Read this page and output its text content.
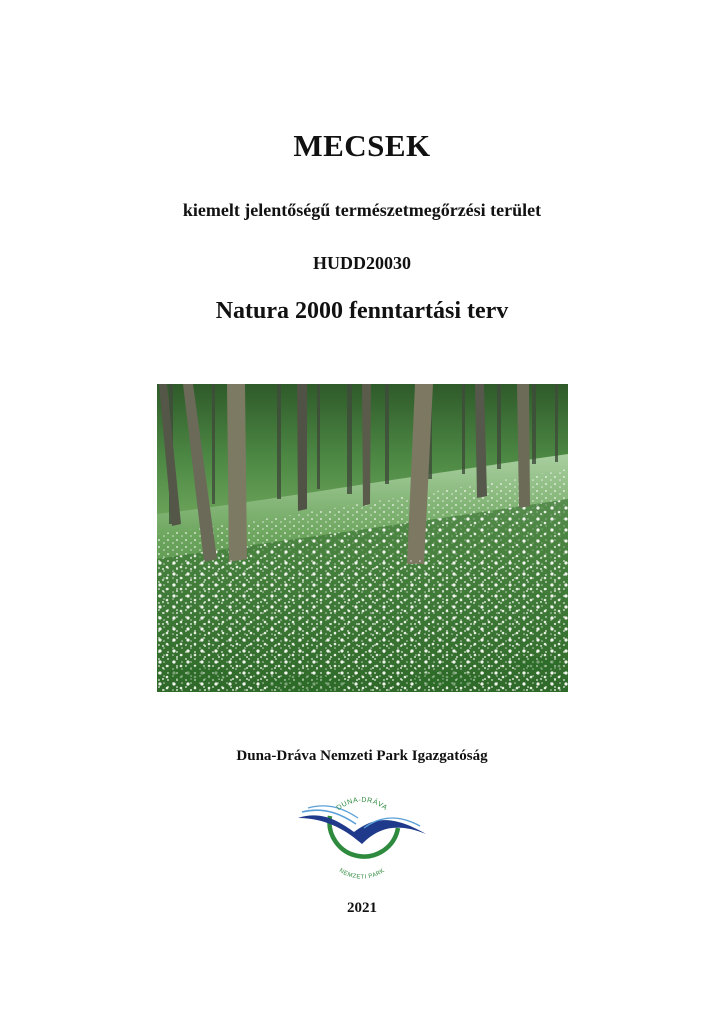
MECSEK
kiemelt jelentőségű természetmegőrzési terület
HUDD20030
Natura 2000 fenntartási terv
Duna-Dráva Nemzeti Park Igazgatóság
DUNA-DRÁVA
NEMZETI PARK
2021
